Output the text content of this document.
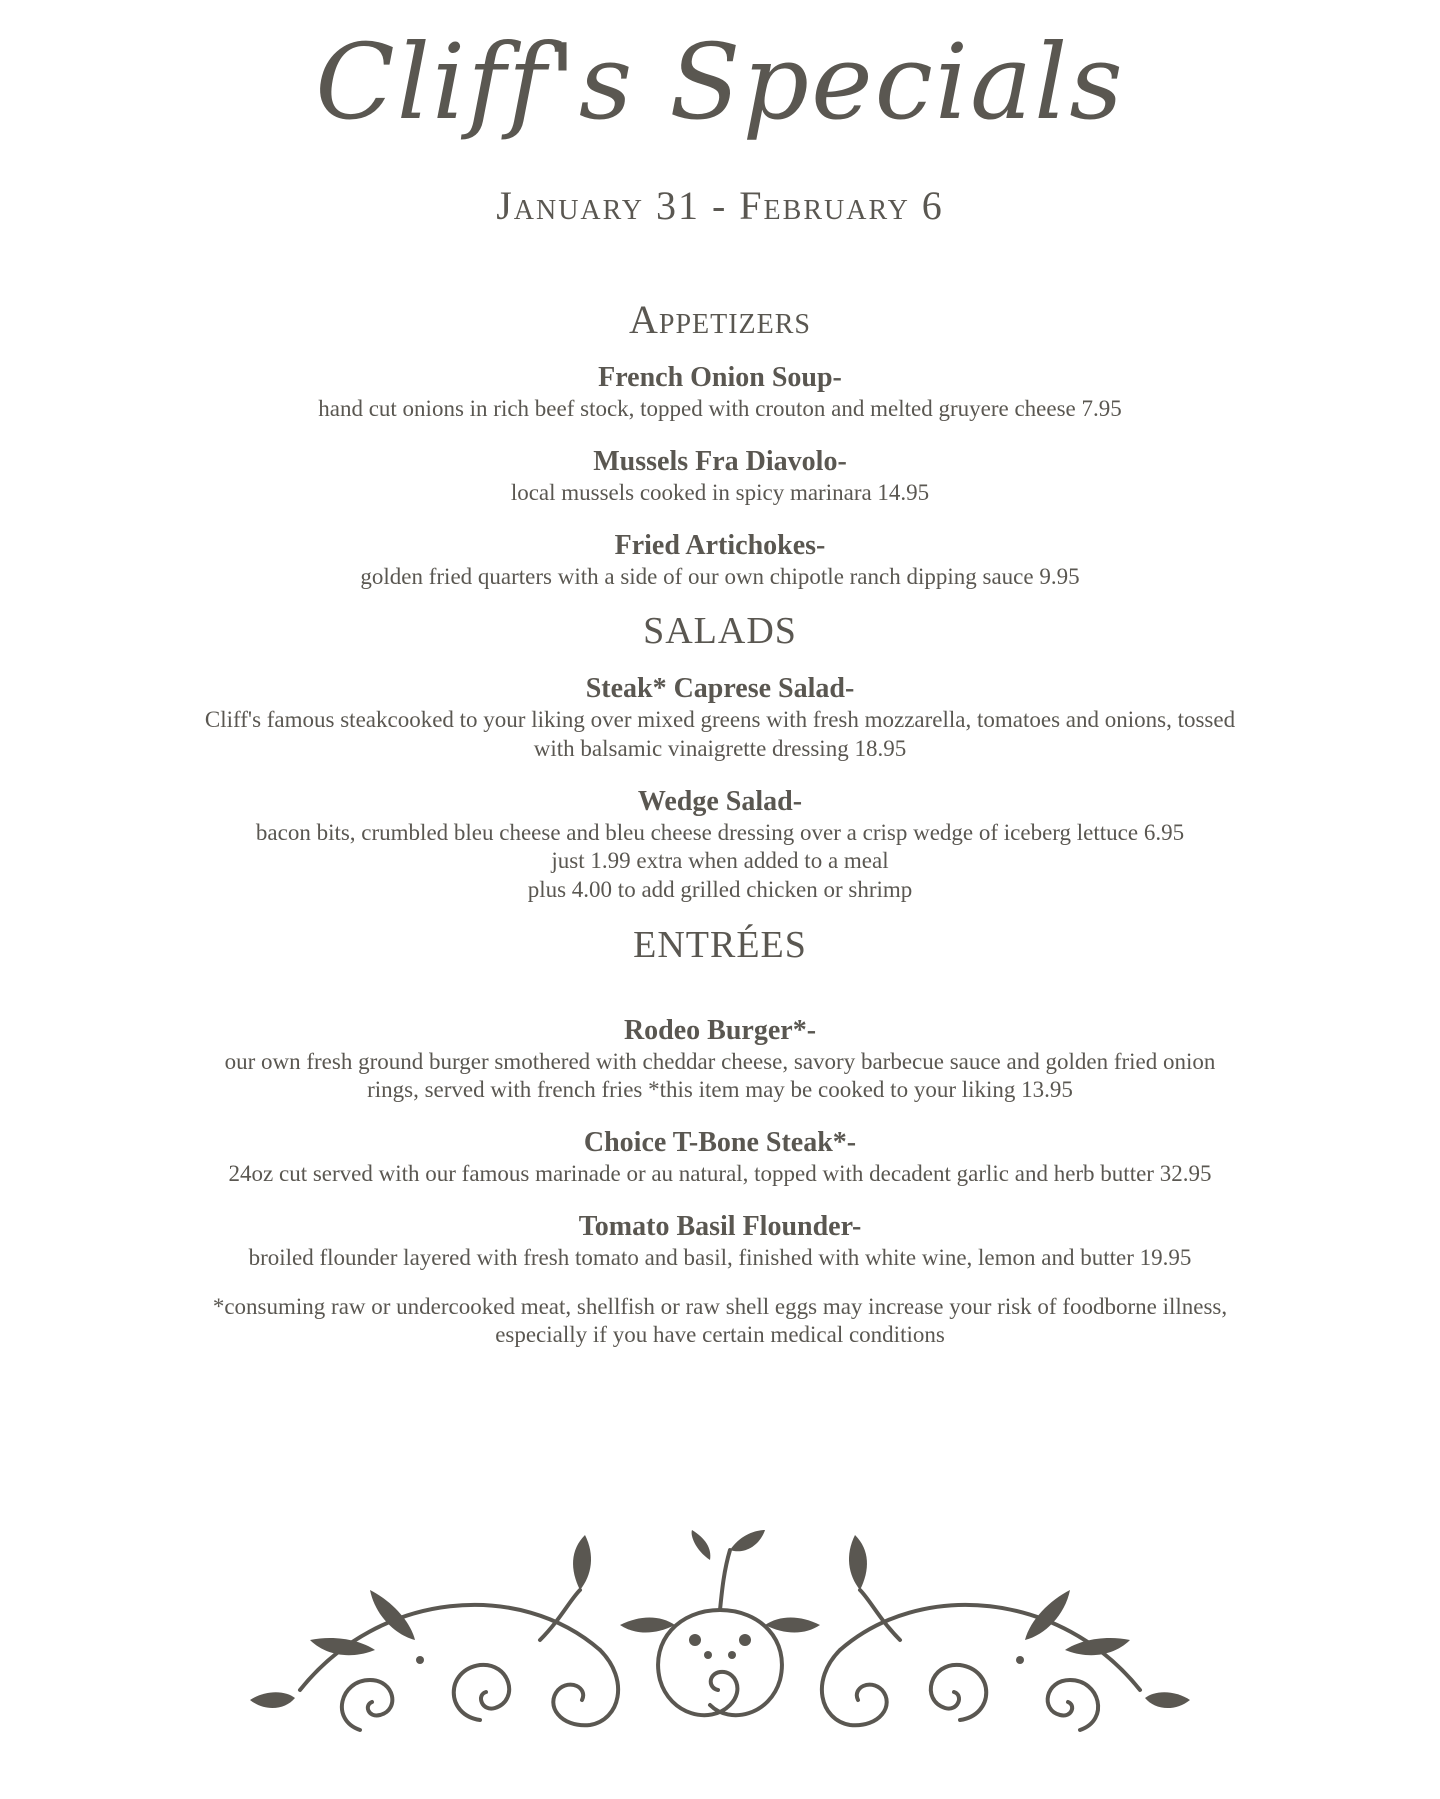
Cliff's Specials
January 31 - February 6
Appetizers
French Onion Soup-
hand cut onions in rich beef stock, topped with crouton and melted gruyere cheese 7.95
Mussels Fra Diavolo-
local mussels cooked in spicy marinara 14.95
Fried Artichokes-
golden fried quarters with a side of our own chipotle ranch dipping sauce 9.95
SALADS
Steak* Caprese Salad-
Cliff's famous steakcooked to your liking over mixed greens with fresh mozzarella, tomatoes and onions, tossed with balsamic vinaigrette dressing 18.95
Wedge Salad-
bacon bits, crumbled bleu cheese and bleu cheese dressing over a crisp wedge of iceberg lettuce 6.95
just 1.99 extra when added to a meal
plus 4.00 to add grilled chicken or shrimp
ENTRÉES
Rodeo Burger*-
our own fresh ground burger smothered with cheddar cheese, savory barbecue sauce and golden fried onion rings, served with french fries *this item may be cooked to your liking 13.95
Choice T-Bone Steak*-
24oz cut served with our famous marinade or au natural, topped with decadent garlic and herb butter 32.95
Tomato Basil Flounder-
broiled flounder layered with fresh tomato and basil, finished with white wine, lemon and butter 19.95
*consuming raw or undercooked meat, shellfish or raw shell eggs may increase your risk of foodborne illness, especially if you have certain medical conditions
